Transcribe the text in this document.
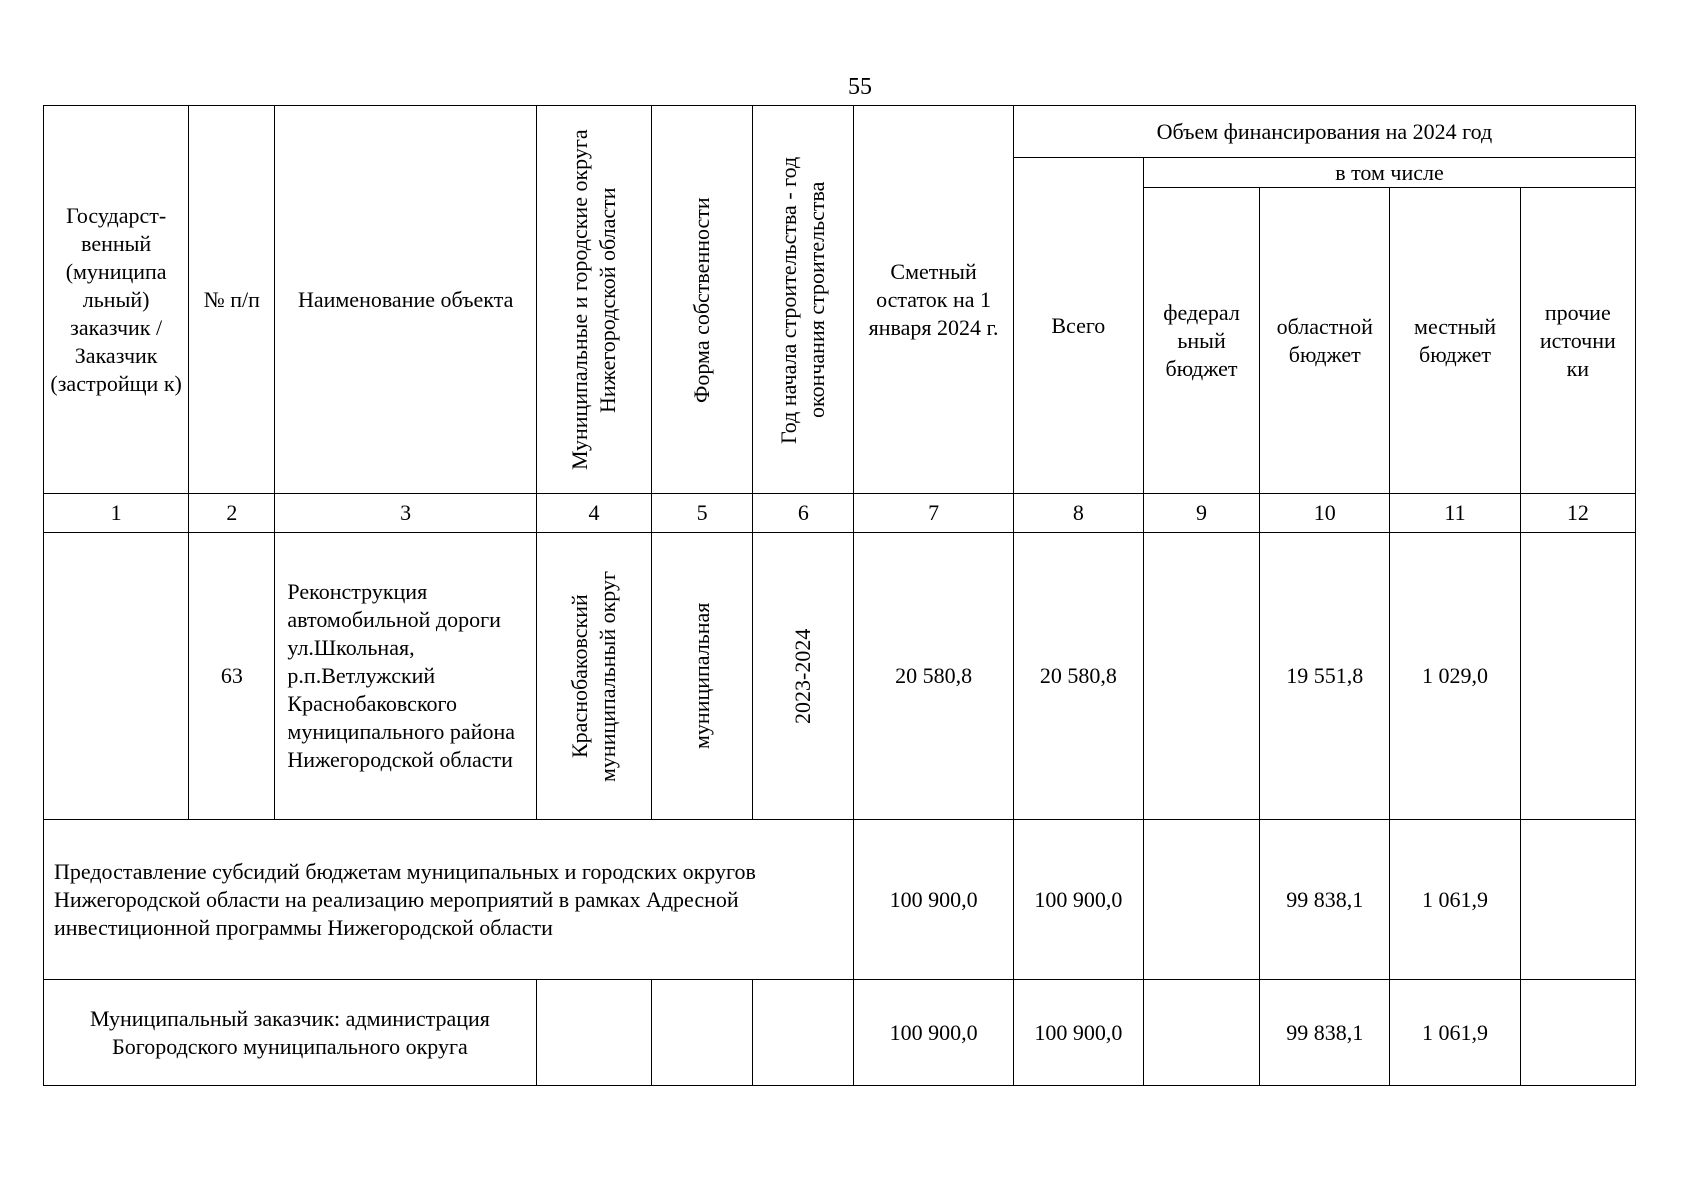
55
Государст-венный (муниципа льный) заказчик / Заказчик (застройщи к)	№ п/п	Наименование объекта	Муниципальные и городские округа Нижегородской области	Форма собственности	Год начала строительства - год окончания строительства	Сметный остаток на 1 января 2024 г.	Объем финансирования на 2024 год				
							Всего	в том числе			
								федерал ьный бюджет	областной бюджет	местный бюджет	прочие источни ки
1	2	3	4	5	6	7	8	9	10	11	12
	63	Реконструкция автомобильной дороги ул.Школьная, р.п.Ветлужский Краснобаковского муниципального района Нижегородской области	Краснобаковский муниципальный округ	муниципальная	2023-2024	20 580,8	20 580,8		19 551,8	1 029,0	
Предоставление субсидий бюджетам муниципальных и городских округов Нижегородской области на реализацию мероприятий в рамках Адресной инвестиционной программы Нижегородской области						100 900,0	100 900,0		99 838,1	1 061,9	
Муниципальный заказчик: администрация Богородского муниципального округа						100 900,0	100 900,0		99 838,1	1 061,9	
